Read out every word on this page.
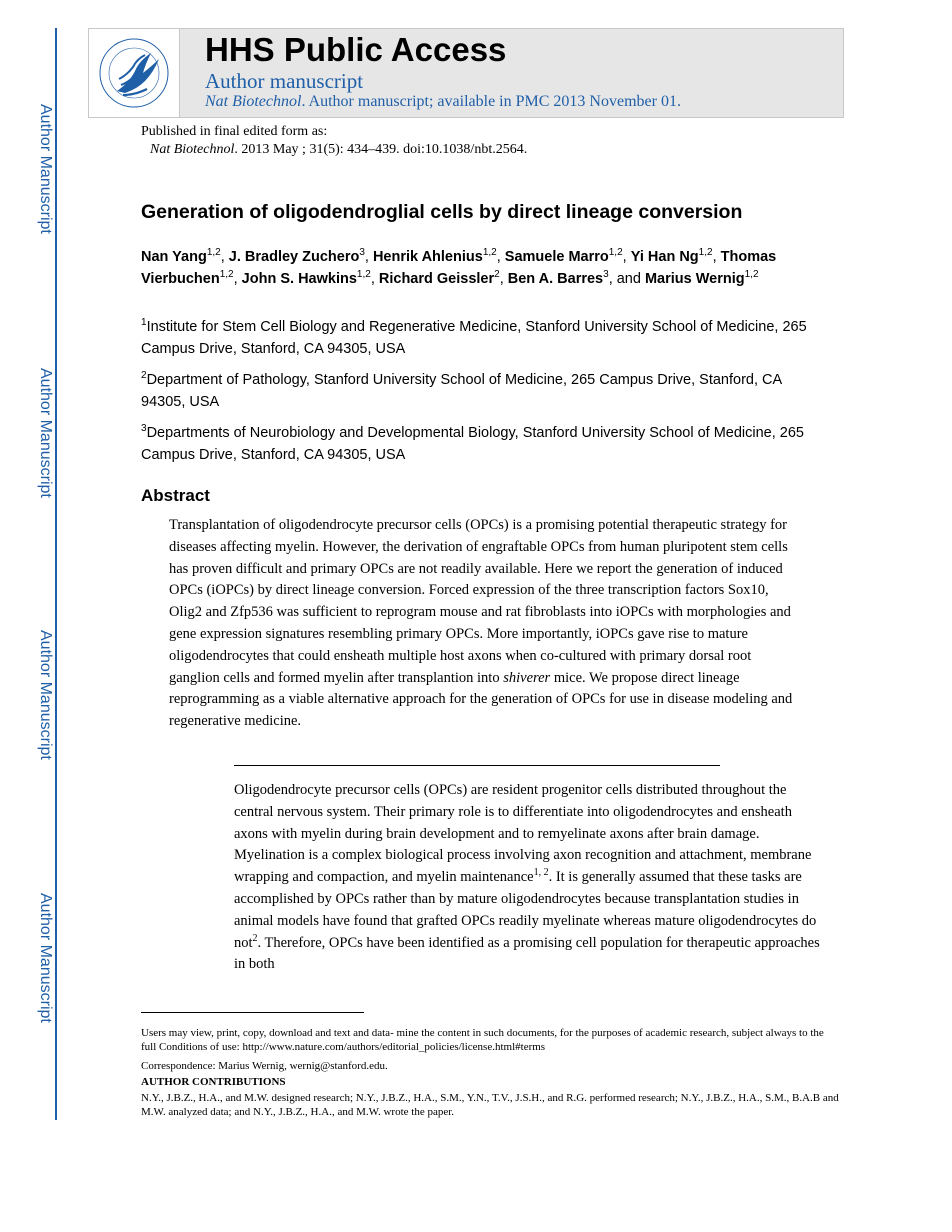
Author Manuscript
Author Manuscript
Author Manuscript
Author Manuscript
HHS Public Access
Author manuscript
Nat Biotechnol. Author manuscript; available in PMC 2013 November 01.
Published in final edited form as:
Nat Biotechnol. 2013 May ; 31(5): 434–439. doi:10.1038/nbt.2564.
Generation of oligodendroglial cells by direct lineage conversion
Nan Yang$^{1,2}$, J. Bradley Zuchero$^3$, Henrik Ahlenius$^{1,2}$, Samuele Marro$^{1,2}$, Yi Han Ng$^{1,2}$, Thomas Vierbuchen$^{1,2}$, John S. Hawkins$^{1,2}$, Richard Geissler$^2$, Ben A. Barres$^3$, and Marius Wernig$^{1,2}$
$^1$Institute for Stem Cell Biology and Regenerative Medicine, Stanford University School of Medicine, 265 Campus Drive, Stanford, CA 94305, USA
$^2$Department of Pathology, Stanford University School of Medicine, 265 Campus Drive, Stanford, CA 94305, USA
$^3$Departments of Neurobiology and Developmental Biology, Stanford University School of Medicine, 265 Campus Drive, Stanford, CA 94305, USA
Abstract
Transplantation of oligodendrocyte precursor cells (OPCs) is a promising potential therapeutic strategy for diseases affecting myelin. However, the derivation of engraftable OPCs from human pluripotent stem cells has proven difficult and primary OPCs are not readily available. Here we report the generation of induced OPCs (iOPCs) by direct lineage conversion. Forced expression of the three transcription factors Sox10, Olig2 and Zfp536 was sufficient to reprogram mouse and rat fibroblasts into iOPCs with morphologies and gene expression signatures resembling primary OPCs. More importantly, iOPCs gave rise to mature oligodendrocytes that could ensheath multiple host axons when co-cultured with primary dorsal root ganglion cells and formed myelin after transplantion into shiverer mice. We propose direct lineage reprogramming as a viable alternative approach for the generation of OPCs for use in disease modeling and regenerative medicine.
Oligodendrocyte precursor cells (OPCs) are resident progenitor cells distributed throughout the central nervous system. Their primary role is to differentiate into oligodendrocytes and ensheath axons with myelin during brain development and to remyelinate axons after brain damage. Myelination is a complex biological process involving axon recognition and attachment, membrane wrapping and compaction, and myelin maintenance$^{1, 2}$. It is generally assumed that these tasks are accomplished by OPCs rather than by mature oligodendrocytes because transplantation studies in animal models have found that grafted OPCs readily myelinate whereas mature oligodendrocytes do not$^2$. Therefore, OPCs have been identified as a promising cell population for therapeutic approaches in both
Users may view, print, copy, download and text and data- mine the content in such documents, for the purposes of academic research, subject always to the full Conditions of use: http://www.nature.com/authors/editorial_policies/license.html#terms
Correspondence: Marius Wernig, wernig@stanford.edu.
AUTHOR CONTRIBUTIONS
N.Y., J.B.Z., H.A., and M.W. designed research; N.Y., J.B.Z., H.A., S.M., Y.N., T.V., J.S.H., and R.G. performed research; N.Y., J.B.Z., H.A., S.M., B.A.B and M.W. analyzed data; and N.Y., J.B.Z., H.A., and M.W. wrote the paper.
